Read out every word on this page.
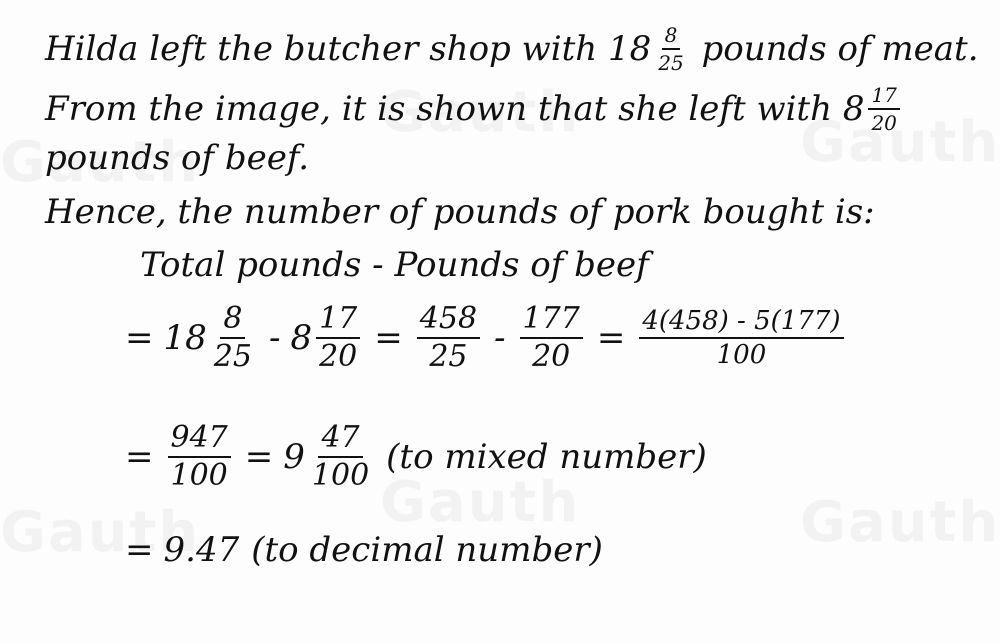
Hilda left the butcher shop with $18 \frac{8}{25}$ pounds of meat.
From the image, it is shown that she left with $8 \frac{17}{20}$
pounds of beef.
Hence, the number of pounds of pork bought is:
Total pounds - Pounds of beef
= $18 \frac{8}{25} - 8 \frac{17}{20} = \frac{458}{25} - \frac{177}{20} = \frac{4(458) - 5(177)}{100}$
= $\frac{947}{100} = 9 \frac{47}{100} (to$ mixed number)
= 9.47 (to decimal number)
